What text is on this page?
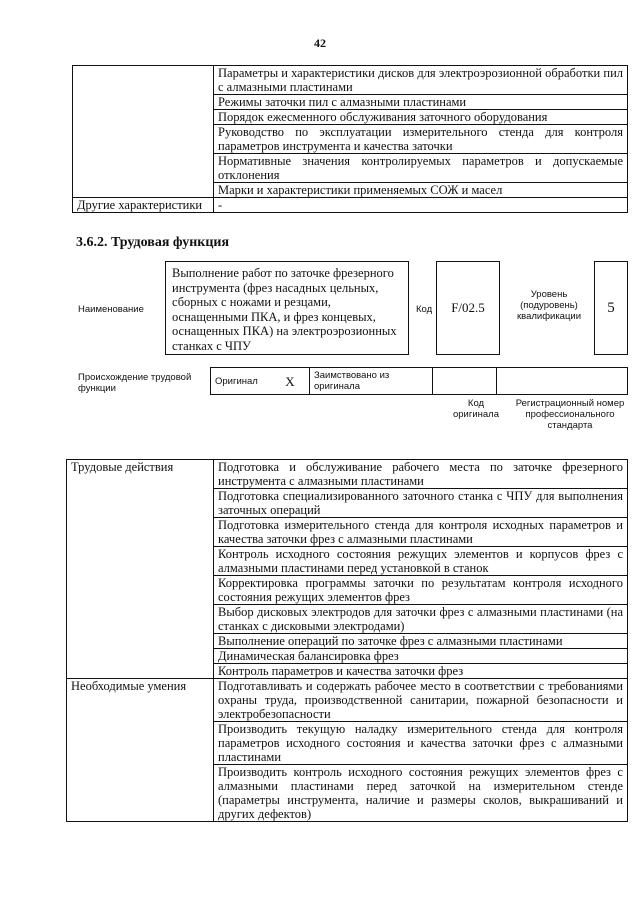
42
	Параметры и характеристики дисков для электроэрозионной обработки пил с алмазными пластинами
	Режимы заточки пил с алмазными пластинами
	Порядок ежесменного обслуживания заточного оборудования
	Руководство по эксплуатации измерительного стенда для контроля параметров инструмента и качества заточки
	Нормативные значения контролируемых параметров и допускаемые отклонения
	Марки и характеристики применяемых СОЖ и масел
Другие характеристики	-
3.6.2. Трудовая функция
Наименование
Выполнение работ по заточке фрезерного инструмента (фрез насадных цельных, сборных с ножами и резцами, оснащенными ПКА, и фрез концевых, оснащенных ПКА) на электроэрозионных станках с ЧПУ
Код	F/02.5
Уровень (подуровень) квалификации
5
Происхождение трудовой функции
Оригинал	X	Заимствовано из оригинала		
Код оригинала
Регистрационный номер профессионального стандарта
Трудовые действия	Подготовка и обслуживание рабочего места по заточке фрезерного инструмента с алмазными пластинами
	Подготовка специализированного заточного станка с ЧПУ для выполнения заточных операций
	Подготовка измерительного стенда для контроля исходных параметров и качества заточки фрез с алмазными пластинами
	Контроль исходного состояния режущих элементов и корпусов фрез с алмазными пластинами перед установкой в станок
	Корректировка программы заточки по результатам контроля исходного состояния режущих элементов фрез
	Выбор дисковых электродов для заточки фрез с алмазными пластинами (на станках с дисковыми электродами)
	Выполнение операций по заточке фрез с алмазными пластинами
	Динамическая балансировка фрез
	Контроль параметров и качества заточки фрез
Необходимые умения	Подготавливать и содержать рабочее место в соответствии с требованиями охраны труда, производственной санитарии, пожарной безопасности и электробезопасности
	Производить текущую наладку измерительного стенда для контроля параметров исходного состояния и качества заточки фрез с алмазными пластинами
	Производить контроль исходного состояния режущих элементов фрез с алмазными пластинами перед заточкой на измерительном стенде (параметры инструмента, наличие и размеры сколов, выкрашиваний и других дефектов)
